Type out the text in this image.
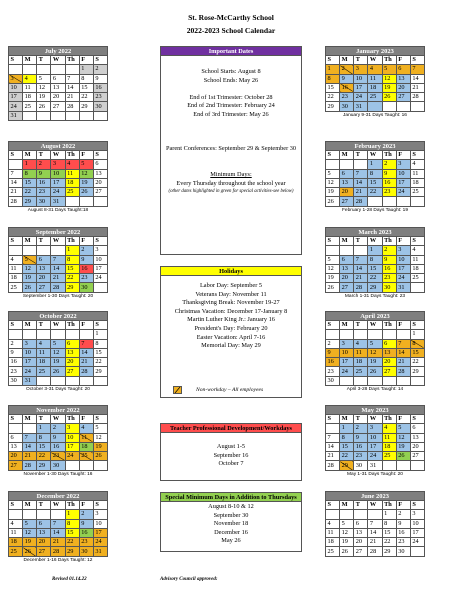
St. Rose-McCarthy School
2022-2023 School Calendar
July 2022
S	M	T	W	Th	F	S
					1	2
3	4	5	6	7	8	9
10	11	12	13	14	15	16
17	18	19	20	21	22	23
24	25	26	27	28	29	30
31						
August 2022
S	M	T	W	Th	F	S
	1	2	3	4	5	6
7	8	9	10	11	12	13
14	15	16	17	18	19	20
21	22	23	24	25	26	27
28	29	30	31			
August 8-31 Days Taught:18
September 2022
S	M	T	W	Th	F	S
				1	2	3
4	5	6	7	8	9	10
11	12	13	14	15	16	17
18	19	20	21	22	23	24
25	26	27	28	29	30	
September 1-30 Days Taught: 20
October 2022
S	M	T	W	Th	F	S
						1
2	3	4	5	6	7	8
9	10	11	12	13	14	15
16	17	18	19	20	21	22
23	24	25	26	27	28	29
30	31					
October 3-31 Days Taught: 20
November 2022
S	M	T	W	Th	F	S
		1	2	3	4	5
6	7	8	9	10	11	12
13	14	15	16	17	18	19
20	21	22	23	24	25	26
27	28	29	30			
November 1-30 Days Taught: 16
December 2022
S	M	T	W	Th	F	S
				1	2	3
4	5	6	7	8	9	10
11	12	13	14	15	16	17
18	19	20	21	22	23	24
25	26	27	28	29	30	31
December 1-16 Days Taught: 12
January 2023
S	M	T	W	Th	F	S
1	2	3	4	5	6	7
8	9	10	11	12	13	14
15	16	17	18	19	20	21
22	23	24	25	26	27	28
29	30	31				
January 9-31 Days Taught: 16
February 2023
S	M	T	W	Th	F	S
			1	2	3	4
5	6	7	8	9	10	11
12	13	14	15	16	17	18
19	20	21	22	23	24	25
26	27	28				
February 1-28 Days Taught: 19
March 2023
S	M	T	W	Th	F	S
			1	2	3	4
5	6	7	8	9	10	11
12	13	14	15	16	17	18
19	20	21	22	23	24	25
26	27	28	29	30	31	
March 1-31 Days Taught: 23
April 2023
S	M	T	W	Th	F	S
						1
2	3	4	5	6	7	8
9	10	11	12	13	14	15
16	17	18	19	20	21	22
23	24	25	26	27	28	29
30						
April 3-28 Days Taught: 14
May 2023
S	M	T	W	Th	F	S
	1	2	3	4	5	6
7	8	9	10	11	12	13
14	15	16	17	18	19	20
21	22	23	24	25	26	27
28	29	30	31			
May 1-31 Days Taught: 20
June 2023
S	M	T	W	Th	F	S
				1	2	3
4	5	6	7	8	9	10
11	12	13	14	15	16	17
18	19	20	21	22	23	24
25	26	27	28	29	30	
Important Dates
School Starts: August 8
School Ends: May 26

End of 1st Trimester: October 28
End of 2nd Trimester: February 24
End of 3rd Trimester: May 26

Parent Conferences: September 29 & September 30

Minimum Days:
Every Thursday throughout the school year
(other dates highlighted in green for special activities-see below)
Holidays
Labor Day: September 5
Veterans Day: November 11
Thanksgiving Break: November 19-27
Christmas Vacation: December 17-January 8
Martin Luther King Jr.: January 16
President's Day: February 20
Easter Vacation: April 7-16
Memorial Day: May 29
Non-workday – All employees
Teacher Professional Development/Workdays
August 1-5
September 16
October 7
Special Minimum Days in Addition to Thursdays
August 8-10 & 12
September 30
November 18
December 16
May 26
Revised 01.14.22	Advisory Council approved:
